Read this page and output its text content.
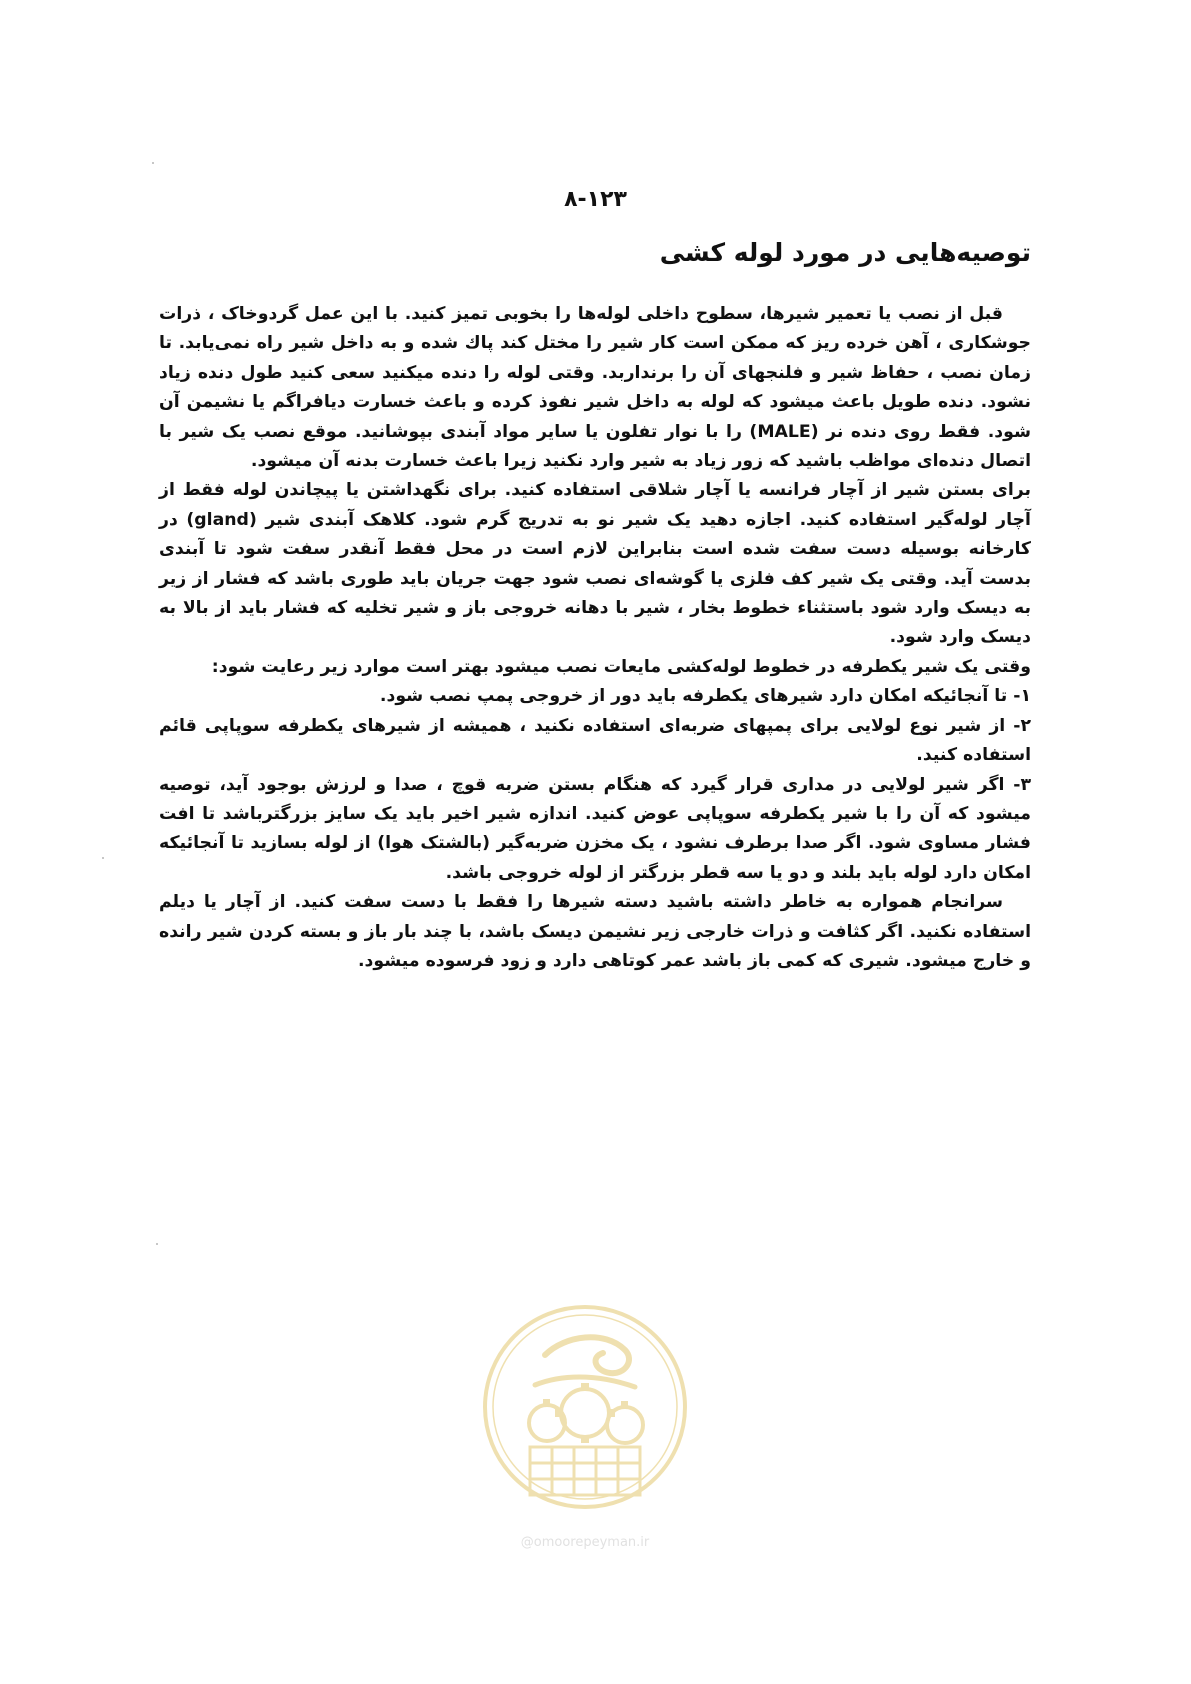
۸-۱۲۳
توصیه‌هایی در مورد لوله کشی

قبل از نصب یا تعمیر شیرها، سطوح داخلی لوله‌ها را بخوبی تمیز کنید. با این عمل گردوخاک ، ذرات جوشکاری ، آهن خرده ریز که ممکن است کار شیر را مختل کند پاك شده و به داخل شیر راه نمی‌یابد. تا زمان نصب ، حفاظ شیر و فلنجهای آن را برنداربد. وقتی لوله را دنده میکنید سعی کنید طول دنده زیاد نشود. دنده طویل باعث میشود که لوله به داخل شیر نفوذ کرده و باعث خسارت دیافراگم یا نشیمن آن شود. فقط روی دنده نر (MALE) را با نوار تفلون یا سایر مواد آبندی بپوشانید. موقع نصب یک شیر با اتصال دنده‌ای مواظب باشید که زور زیاد به شیر وارد نکنید زیرا باعث خسارت بدنه آن میشود.

برای بستن شیر از آچار فرانسه یا آچار شلاقی استفاده کنید. برای نگهداشتن یا پیچاندن لوله فقط از آچار لوله‌گیر استفاده کنید. اجازه دهید یک شیر نو به تدریج گرم شود. کلاهک آبندی شیر (gland) در کارخانه بوسیله دست سفت شده است بنابراین لازم است در محل فقط آنقدر سفت شود تا آبندی بدست آید. وقتی یک شیر کف فلزی یا گوشه‌ای نصب شود جهت جریان باید طوری باشد که فشار از زیر به دیسک وارد شود باستثناء خطوط بخار ، شیر با دهانه خروجی باز و شیر تخلیه که فشار باید از بالا به دیسک وارد شود.

وقتی یک شیر یکطرفه در خطوط لوله‌کشی مایعات نصب میشود بهتر است موارد زیر رعایت شود:

۱- تا آنجائیکه امکان دارد شیرهای یکطرفه باید دور از خروجی پمپ نصب شود.

۲- از شیر نوع لولایی برای پمپهای ضربه‌ای استفاده نکنید ، همیشه از شیرهای یکطرفه سوپاپی قائم استفاده کنید.

۳- اگر شیر لولایی در مداری قرار گیرد که هنگام بستن ضربه قوچ ، صدا و لرزش بوجود آید، توصیه میشود که آن را با شیر یکطرفه سوپاپی عوض کنید. اندازه شیر اخیر باید یک سایز بزرگترباشد تا افت فشار مساوی شود. اگر صدا برطرف نشود ، یک مخزن ضربه‌گیر (بالشتک هوا) از لوله بسازید تا آنجائیکه امکان دارد لوله باید بلند و دو یا سه قطر بزرگتر از لوله خروجی باشد.

سرانجام همواره به خاطر داشته باشید دسته شیرها را فقط با دست سفت کنید. از آچار یا دیلم استفاده نکنید. اگر کثافت و ذرات خارجی زیر نشیمن دیسک باشد، با چند بار باز و بسته کردن شیر رانده و خارج میشود. شیری که کمی باز باشد عمر کوتاهی دارد و زود فرسوده میشود.

@omoorepeyman.ir
